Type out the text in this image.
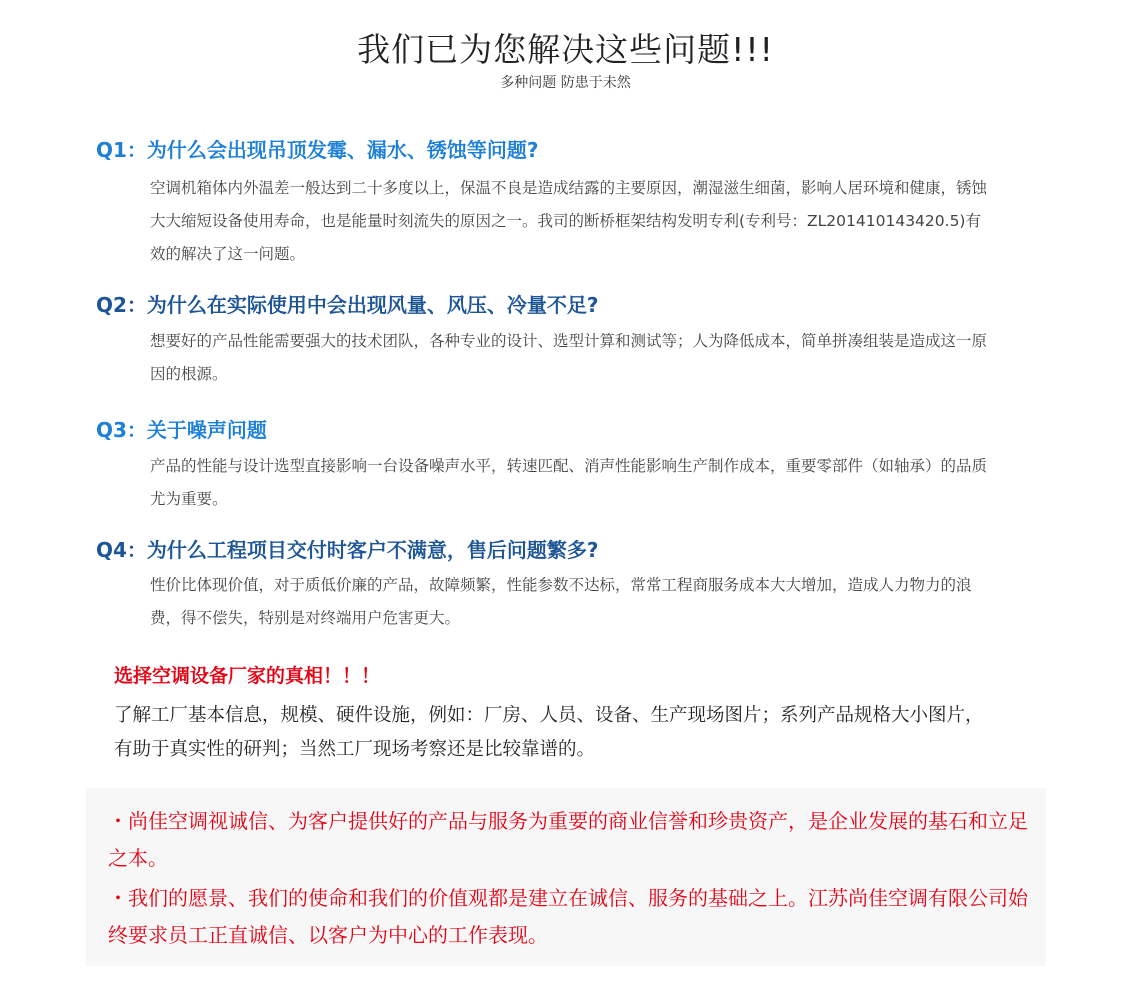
我们已为您解决这些问题!!!
多种问题 防患于未然
Q1：为什么会出现吊顶发霉、漏水、锈蚀等问题?
空调机箱体内外温差一般达到二十多度以上，保温不良是造成结露的主要原因，潮湿滋生细菌，影响人居环境和健康，锈蚀大大缩短设备使用寿命，也是能量时刻流失的原因之一。我司的断桥框架结构发明专利(专利号：ZL201410143420.5)有效的解决了这一问题。
Q2：为什么在实际使用中会出现风量、风压、冷量不足?
想要好的产品性能需要强大的技术团队，各种专业的设计、选型计算和测试等；人为降低成本，简单拼凑组装是造成这一原因的根源。
Q3：关于噪声问题
产品的性能与设计选型直接影响一台设备噪声水平，转速匹配、消声性能影响生产制作成本，重要零部件（如轴承）的品质尤为重要。
Q4：为什么工程项目交付时客户不满意，售后问题繁多?
性价比体现价值，对于质低价廉的产品，故障频繁，性能参数不达标，常常工程商服务成本大大增加，造成人力物力的浪费，得不偿失，特别是对终端用户危害更大。
选择空调设备厂家的真相！！！
了解工厂基本信息，规模、硬件设施，例如：厂房、人员、设备、生产现场图片；系列产品规格大小图片，有助于真实性的研判；当然工厂现场考察还是比较靠谱的。
・尚佳空调视诚信、为客户提供好的产品与服务为重要的商业信誉和珍贵资产，是企业发展的基石和立足之本。
・我们的愿景、我们的使命和我们的价值观都是建立在诚信、服务的基础之上。江苏尚佳空调有限公司始终要求员工正直诚信、以客户为中心的工作表现。
